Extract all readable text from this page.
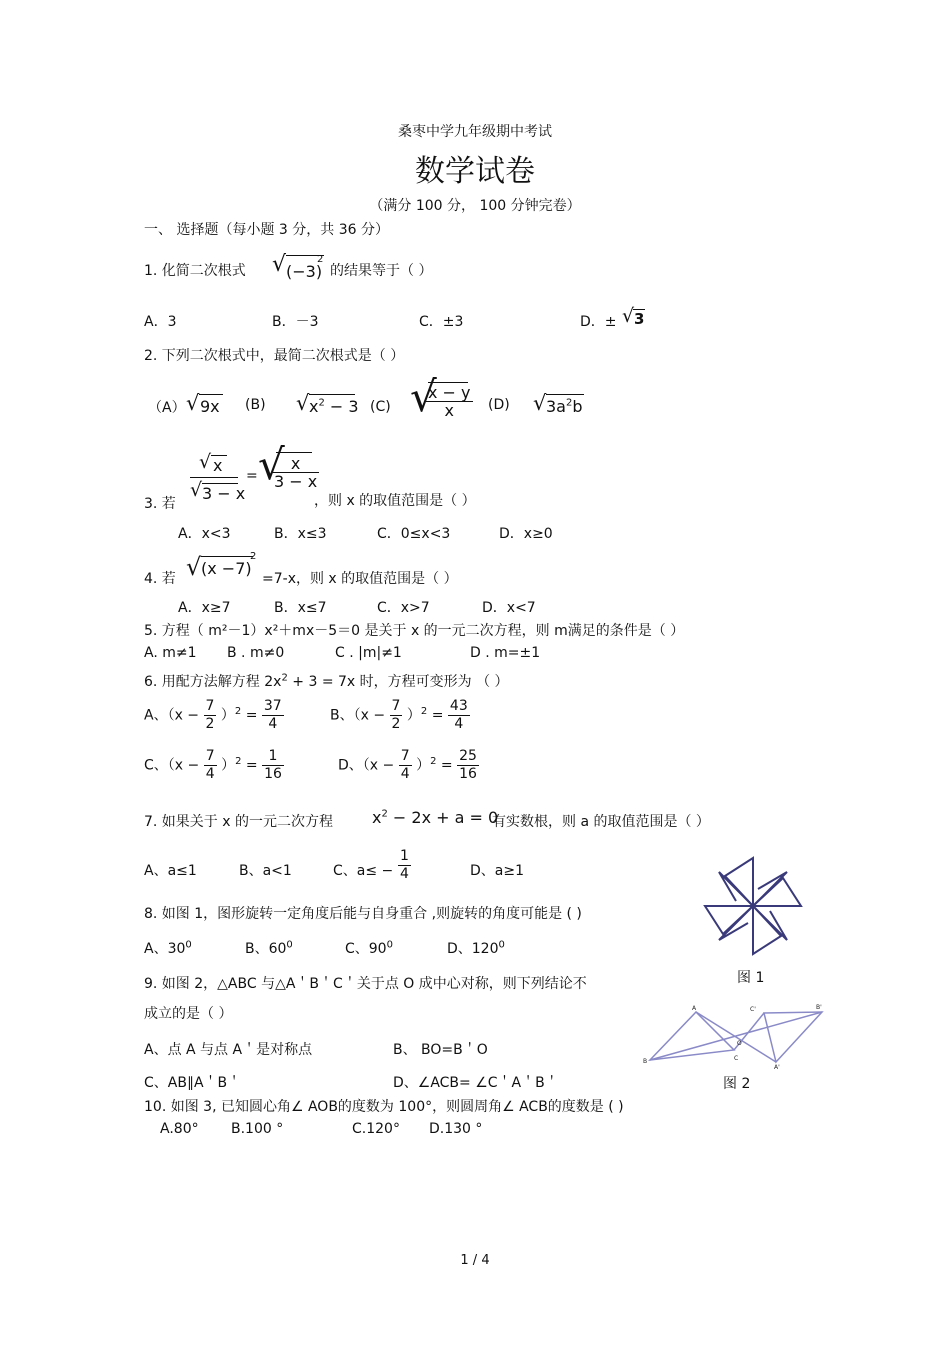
桑枣中学九年级期中考试
数学试卷
（满分 100 分， 100 分钟完卷）
一、 选择题（每小题 3 分，共 36 分）
1. 化简二次根式 √ (−3)
2
的结果等于（ ）
A．3	B．－3	C．±3	D．± √ 3
2. 下列二次根式中，最简二次根式是（ ）
（A） √ 9x (B) √ $x^2 - 3$ (C) √
$\frac{x - y}{x} (D)$ √ $3a^2b$
√ x
√ 3 − x
= √
$\frac{x}{3 - x}$
3. 若	，则 x 的取值范围是（ ）
A．x<3	B．x≤3	C．0≤x<3	D．x≥0
4. 若 √ (x −7)
2
=7-x，则 x 的取值范围是（ ）
A．x≥7	B．x≤7	C．x>7	D．x<7
5. 方程（ m²－1）x²＋mx－5＝0 是关于 x 的一元二次方程，则 m满足的条件是（ ）
A. m≠1 B . m≠0	C . |m|≠1	D . m=±1
6. 用配方法解方程 $2x^2 + 3 = 7x$ 时，方程可变形为 （ ）
A、$(x - \frac{7}{2} )^2 = \frac{37}{4}$	B、$(x - \frac{7}{2} )^2 = \frac{43}{4}$
C、$(x - \frac{7}{4} )^2 = \frac{1}{16}$	D、$(x - \frac{7}{4} )^2 = \frac{25}{16}$
7. 如果关于 x 的一元二次方程 $x^2 - 2x + a = 0$
有实数根，则 a 的取值范围是（ ）
A、a≤1	B、a<1	C、$a\le - \frac{1}{4}$	D、a≥1
图 1
8. 如图 1，图形旋转一定角度后能与自身重合 ,则旋转的角度可能是 ( )
A、$30^0$	B、$60^0$	C、$90^0$	D、$120^0$
9. 如图 2，△ABC 与△A＇B＇C＇关于点 O 成中心对称，则下列结论不
成立的是（ ）
A、点 A 与点 A＇是对称点	B、 BO=B＇O
C、AB∥A＇B＇	D、∠ACB= ∠C＇A＇B＇
A
B	C
C'	B'
A'
O
图 2
10. 如图 3, 已知圆心角∠ AOB的度数为 100°，则圆周角∠ ACB的度数是 ( )
A.80° B.100 °	C.120° D.130 °
1 / 4
